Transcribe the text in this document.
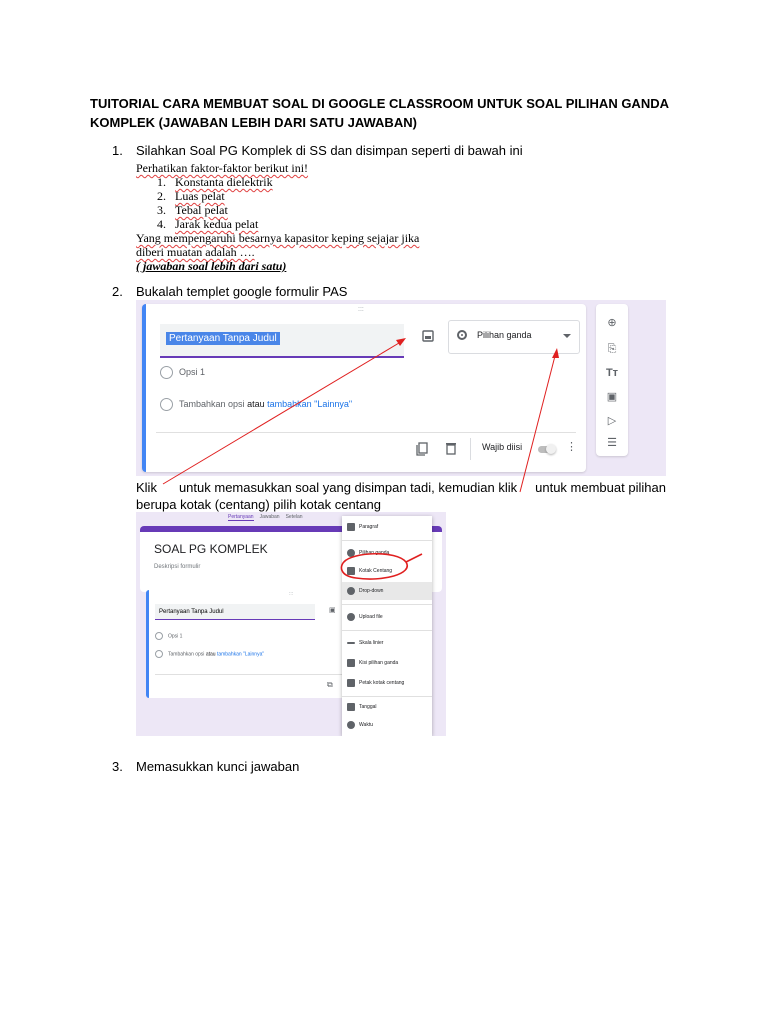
TUITORIAL CARA MEMBUAT SOAL DI GOOGLE CLASSROOM UNTUK SOAL PILIHAN GANDA KOMPLEK (JAWABAN LEBIH DARI SATU JAWABAN)
1. Silahkan Soal PG Komplek di SS dan disimpan seperti di bawah ini
Perhatikan faktor-faktor berikut ini!
1. Konstanta dielektrik
2. Luas pelat
3. Tebal pelat
4. Jarak kedua pelat
Yang mempengaruhi besarnya kapasitor keping sejajar jika
diberi muatan adalah ….
( jawaban soal lebih dari satu)
2. Bukalah templet google formulir PAS
:::
Pertanyaan Tanpa Judul	Pilihan ganda
Opsi 1
Tambahkan opsi atau tambahkan "Lainnya"
Wajib diisi	⋮
⊕
⎘
Tт
▣
▷
☰
Klik untuk memasukkan soal yang disimpan tadi, kemudian klik untuk membuat pilihan
berupa kotak (centang) pilih kotak centang
Pertanyaan Jawaban Setelan
SOAL PG KOMPLEK
Deskripsi formulir
:::
Pertanyaan Tanpa Judul	▣
Opsi 1
Tambahkan opsi atau tambahkan "Lainnya"
⧉
Paragraf
Pilihan ganda
Kotak Centang
Drop-down
Upload file
Skala linier
Kisi pilihan ganda
Petak kotak centang
Tanggal
Waktu
3. Memasukkan kunci jawaban
